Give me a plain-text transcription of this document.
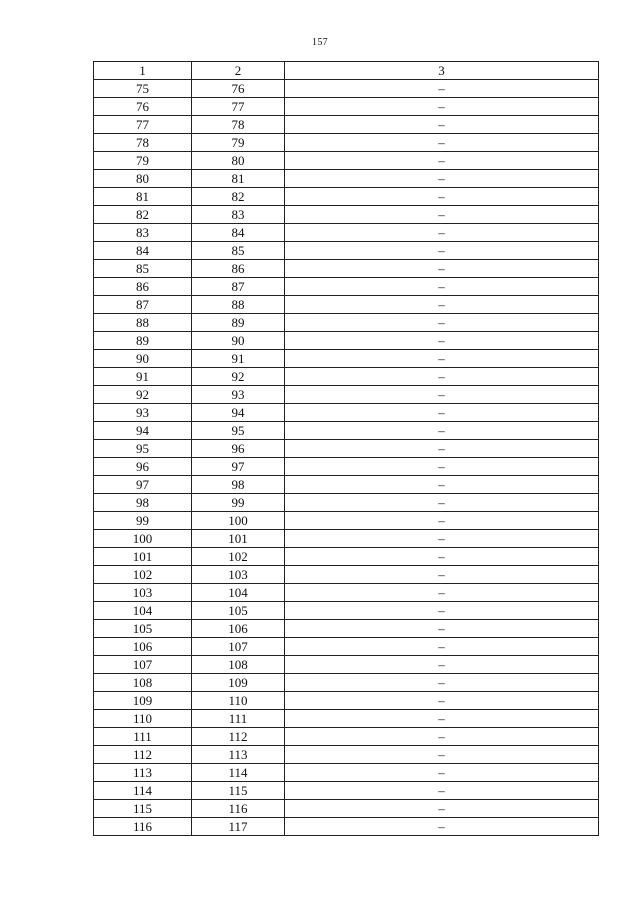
157
1	2	3
75	76	–
76	77	–
77	78	–
78	79	–
79	80	–
80	81	–
81	82	–
82	83	–
83	84	–
84	85	–
85	86	–
86	87	–
87	88	–
88	89	–
89	90	–
90	91	–
91	92	–
92	93	–
93	94	–
94	95	–
95	96	–
96	97	–
97	98	–
98	99	–
99	100	–
100	101	–
101	102	–
102	103	–
103	104	–
104	105	–
105	106	–
106	107	–
107	108	–
108	109	–
109	110	–
110	111	–
111	112	–
112	113	–
113	114	–
114	115	–
115	116	–
116	117	–
